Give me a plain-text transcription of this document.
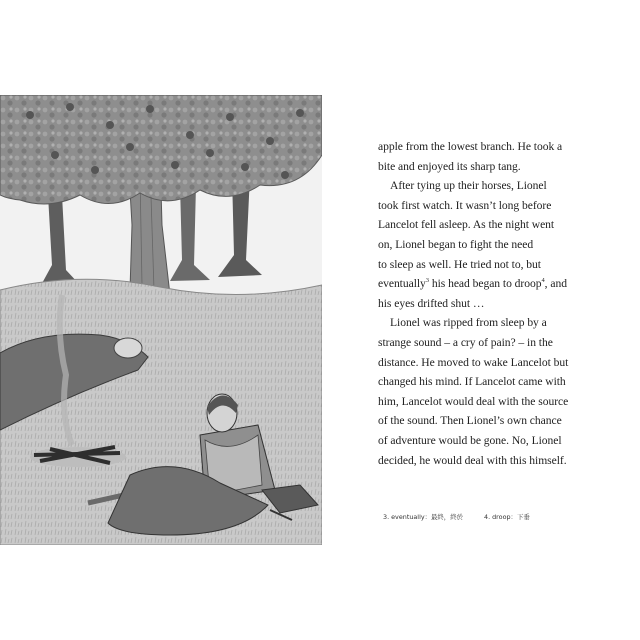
apple from the lowest branch. He took a
bite and enjoyed its sharp tang.

After tying up their horses, Lionel
took first watch. It wasn’t long before
Lancelot fell asleep. As the night went
on, Lionel began to fight the need
to sleep as well. He tried not to, but
eventually$^3$ his head began to droop$^4$, and
his eyes drifted shut …

Lionel was ripped from sleep by a
strange sound – a cry of pain? – in the
distance. He moved to wake Lancelot but
changed his mind. If Lancelot came with
him, Lancelot would deal with the source
of the sound. Then Lionel’s own chance
of adventure would be gone. No, Lionel
decided, he would deal with this himself.

3. eventually：最終，終於	4. droop：下垂
